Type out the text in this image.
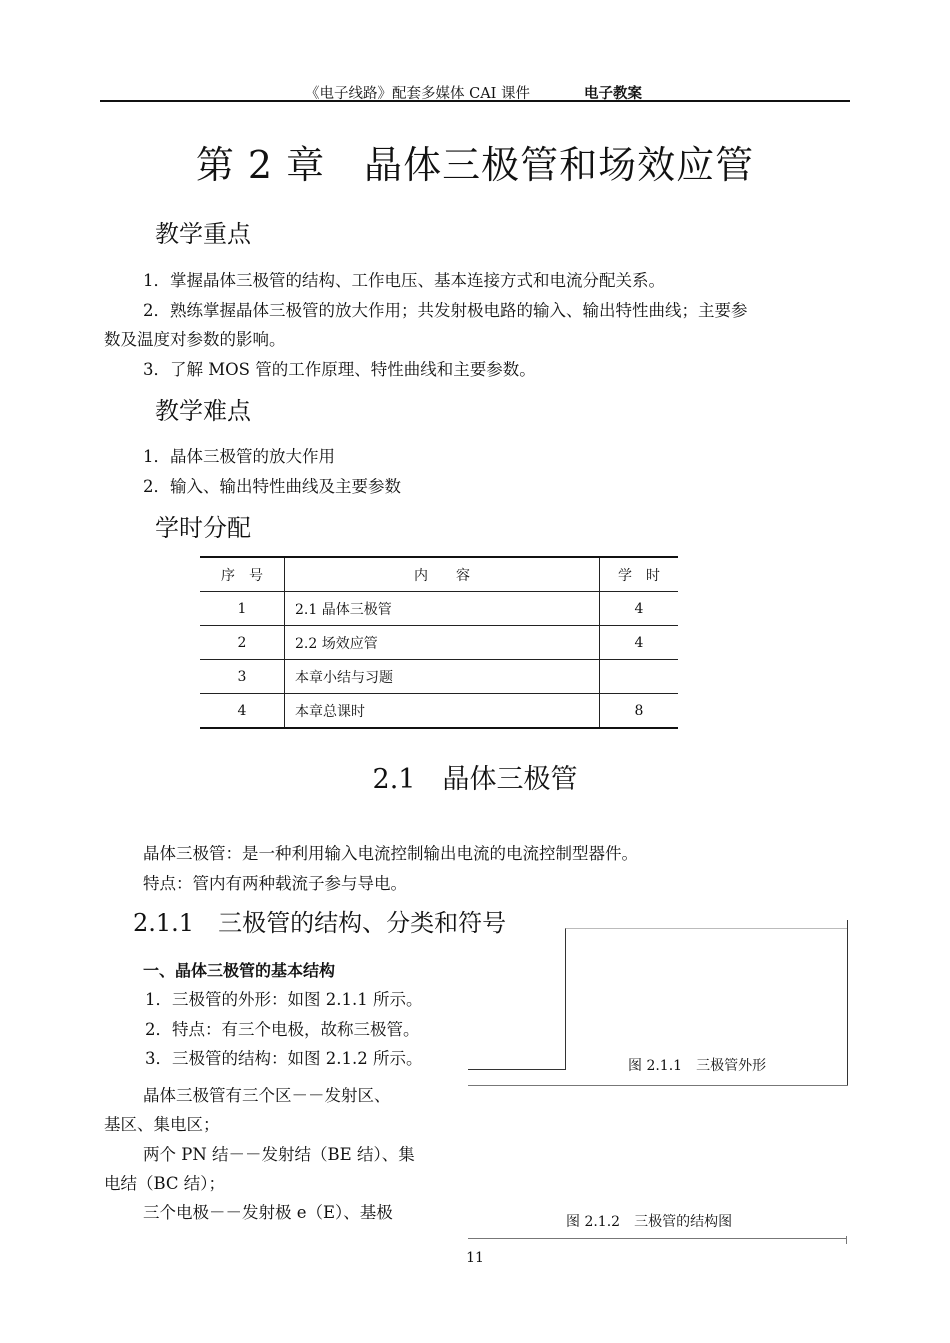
《电子线路》配套多媒体 CAI 课件	电子教案
第 2 章　晶体三极管和场效应管
教学重点
1．掌握晶体三极管的结构、工作电压、基本连接方式和电流分配关系。
2．熟练掌握晶体三极管的放大作用；共发射极电路的输入、输出特性曲线；主要参
数及温度对参数的影响。
3．了解 MOS 管的工作原理、特性曲线和主要参数。
教学难点
1．晶体三极管的放大作用
2．输入、输出特性曲线及主要参数
学时分配
序　号	内　　容	学　时
1	2.1 晶体三极管	4
2	2.2 场效应管	4
3	本章小结与习题	
4	本章总课时	8
2.1　晶体三极管
晶体三极管：是一种利用输入电流控制输出电流的电流控制型器件。
特点：管内有两种载流子参与导电。
2.1.1　三极管的结构、分类和符号
一、晶体三极管的基本结构
1．三极管的外形：如图 2.1.1 所示。
2．特点：有三个电极，故称三极管。
3．三极管的结构：如图 2.1.2 所示。
晶体三极管有三个区－－发射区、
基区、集电区；
两个 PN 结－－发射结（BE 结）、集
电结（BC 结）；
三个电极－－发射极 e（E）、基极
图 2.1.1　三极管外形
图 2.1.2　三极管的结构图
11
